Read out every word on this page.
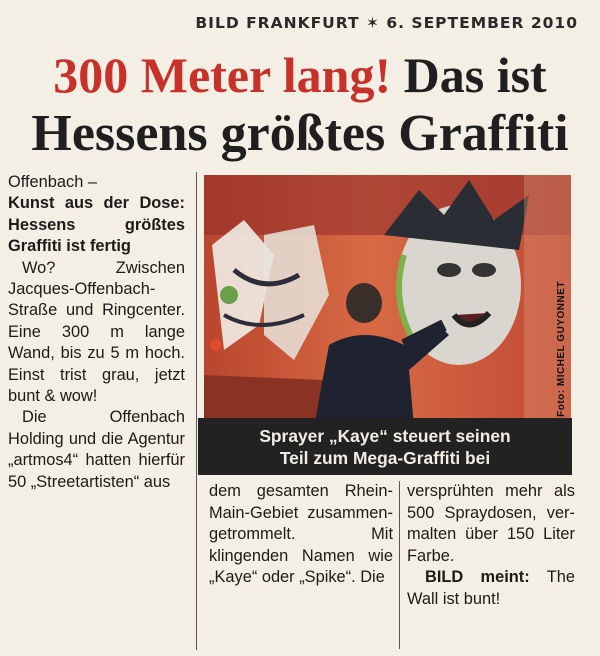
BILD FRANKFURT ✶ 6. SEPTEMBER 2010
300 Meter lang! Das ist
Hessens größtes Graffiti

Offenbach –

Kunst aus der Dose: Hessens größtes Graffiti ist fertig

Wo? Zwischen Jacques-Offenbach-Straße und Ringcenter. Eine 300 m lange Wand, bis zu 5 m hoch. Einst trist grau, jetzt bunt & wow!

Die Offenbach Holding und die Agentur „artmos4“ hatten hierfür 50 „Streetartisten“ aus

Foto: MICHEL GUYONNET
Sprayer „Kaye“ steuert seinen
Teil zum Mega-Graffiti bei

dem gesamten Rhein-Main-Gebiet zusammengetrommelt. Mit klingenden Namen wie „Kaye“ oder „Spike“. Die

versprühten mehr als 500 Spraydosen, vermalten über 150 Liter Farbe.

BILD meint: The Wall ist bunt!
